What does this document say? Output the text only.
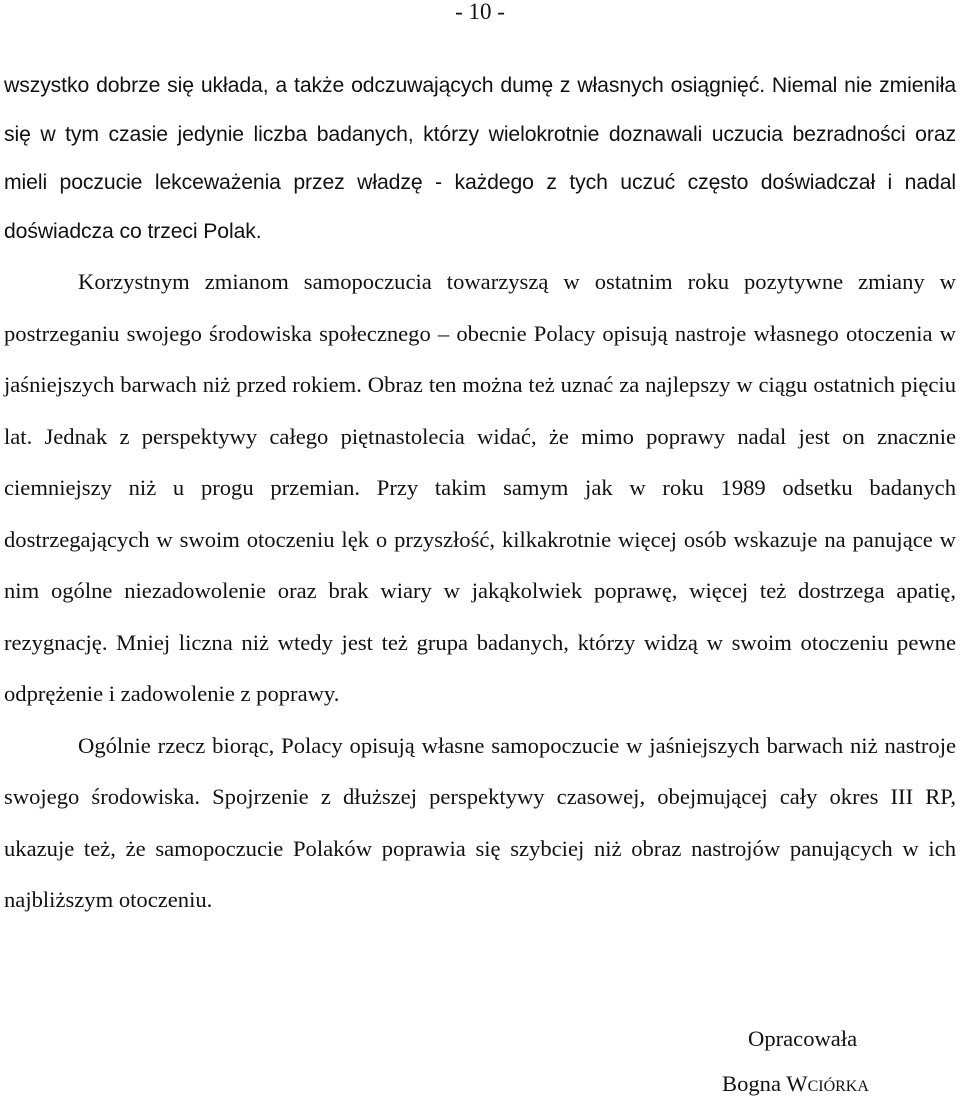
- 10 -

wszystko dobrze się układa, a także odczuwających dumę z własnych osiągnięć. Niemal nie zmieniła się w tym czasie jedynie liczba badanych, którzy wielokrotnie doznawali uczucia bezradności oraz mieli poczucie lekceważenia przez władzę - każdego z tych uczuć często doświadczał i nadal doświadcza co trzeci Polak.

Korzystnym zmianom samopoczucia towarzyszą w ostatnim roku pozytywne zmiany w postrzeganiu swojego środowiska społecznego – obecnie Polacy opisują nastroje własnego otoczenia w jaśniejszych barwach niż przed rokiem. Obraz ten można też uznać za najlepszy w ciągu ostatnich pięciu lat. Jednak z perspektywy całego piętnastolecia widać, że mimo poprawy nadal jest on znacznie ciemniejszy niż u progu przemian. Przy takim samym jak w roku 1989 odsetku badanych dostrzegających w swoim otoczeniu lęk o przyszłość, kilkakrotnie więcej osób wskazuje na panujące w nim ogólne niezadowolenie oraz brak wiary w jakąkolwiek poprawę, więcej też dostrzega apatię, rezygnację. Mniej liczna niż wtedy jest też grupa badanych, którzy widzą w swoim otoczeniu pewne odprężenie i zadowolenie z poprawy.

Ogólnie rzecz biorąc, Polacy opisują własne samopoczucie w jaśniejszych barwach niż nastroje swojego środowiska. Spojrzenie z dłuższej perspektywy czasowej, obejmującej cały okres III RP, ukazuje też, że samopoczucie Polaków poprawia się szybciej niż obraz nastrojów panujących w ich najbliższym otoczeniu.

Opracowała
Bogna Wciórka
